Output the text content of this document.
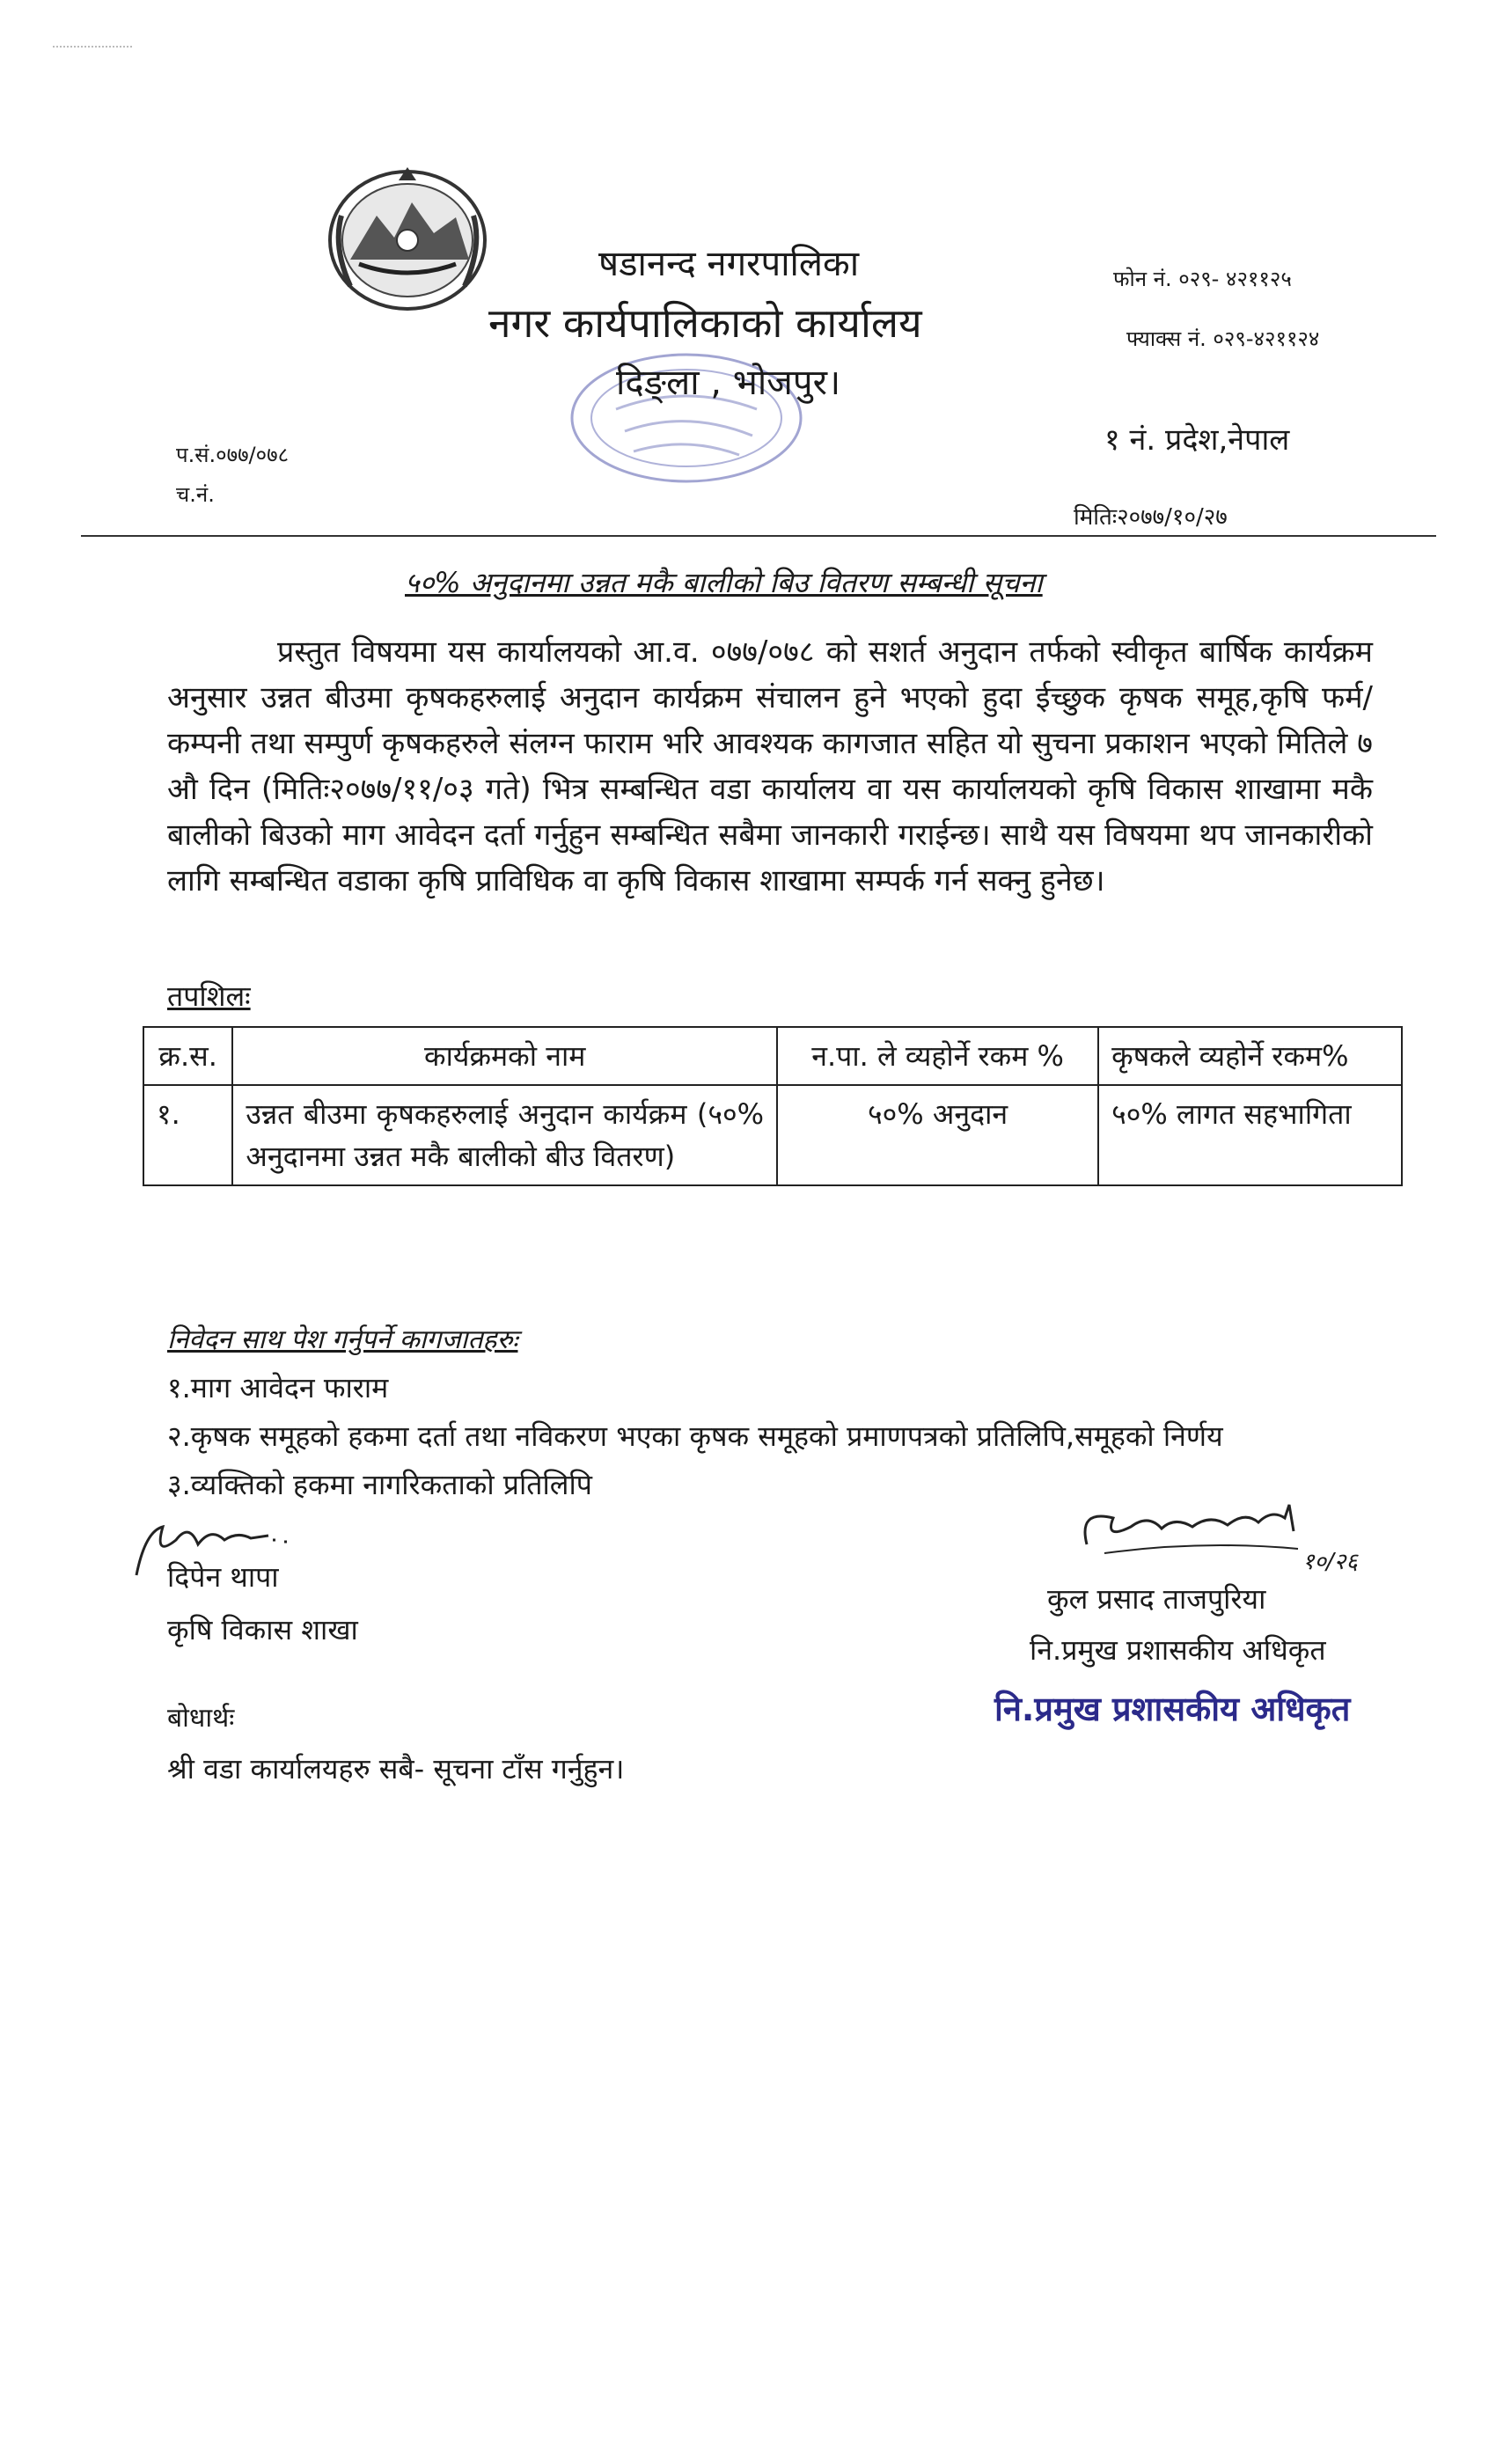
षडानन्द नगरपालिका
नगर कार्यपालिकाको कार्यालय
दिङ्ला , भोजपुर।
फोन नं. ०२९- ४२११२५
फ्याक्स नं. ०२९-४२११२४
१ नं. प्रदेश,नेपाल
प.सं.०७७/०७८
च.नं.
मितिः२०७७/१०/२७
५०% अनुदानमा उन्नत मकै बालीको बिउ वितरण सम्बन्धी सूचना
प्रस्तुत विषयमा यस कार्यालयको आ.व. ०७७/०७८ को सशर्त अनुदान तर्फको स्वीकृत बार्षिक कार्यक्रम अनुसार उन्नत बीउमा कृषकहरुलाई अनुदान कार्यक्रम संचालन हुने भएको हुदा ईच्छुक कृषक समूह,कृषि फर्म/ कम्पनी तथा सम्पुर्ण कृषकहरुले संलग्न फाराम भरि आवश्यक कागजात सहित यो सुचना प्रकाशन भएको मितिले ७ औ दिन (मितिः२०७७/११/०३ गते) भित्र सम्बन्धित वडा कार्यालय वा यस कार्यालयको कृषि विकास शाखामा मकै बालीको बिउको माग आवेदन दर्ता गर्नुहुन सम्बन्धित सबैमा जानकारी गराईन्छ। साथै यस विषयमा थप जानकारीको लागि सम्बन्धित वडाका कृषि प्राविधिक वा कृषि विकास शाखामा सम्पर्क गर्न सक्नु हुनेछ।
तपशिलः
क्र.स.	कार्यक्रमको नाम	न.पा. ले व्यहोर्ने रकम %	कृषकले व्यहोर्ने रकम%
१.	उन्नत बीउमा कृषकहरुलाई अनुदान कार्यक्रम (५०% अनुदानमा उन्नत मकै बालीको बीउ वितरण)	५०% अनुदान	५०% लागत सहभागिता
निवेदन साथ पेश गर्नुपर्ने कागजातहरुः
१.माग आवेदन फाराम
२.कृषक समूहको हकमा दर्ता तथा नविकरण भएका कृषक समूहको प्रमाणपत्रको प्रतिलिपि,समूहको निर्णय
३.व्यक्तिको हकमा नागरिकताको प्रतिलिपि
दिपेन थापा
कृषि विकास शाखा
१०/२६
कुल प्रसाद ताजपुरिया
नि.प्रमुख प्रशासकीय अधिकृत
नि.प्रमुख प्रशासकीय अधिकृत
बोधार्थः
श्री वडा कार्यालयहरु सबै- सूचना टाँस गर्नुहुन।
